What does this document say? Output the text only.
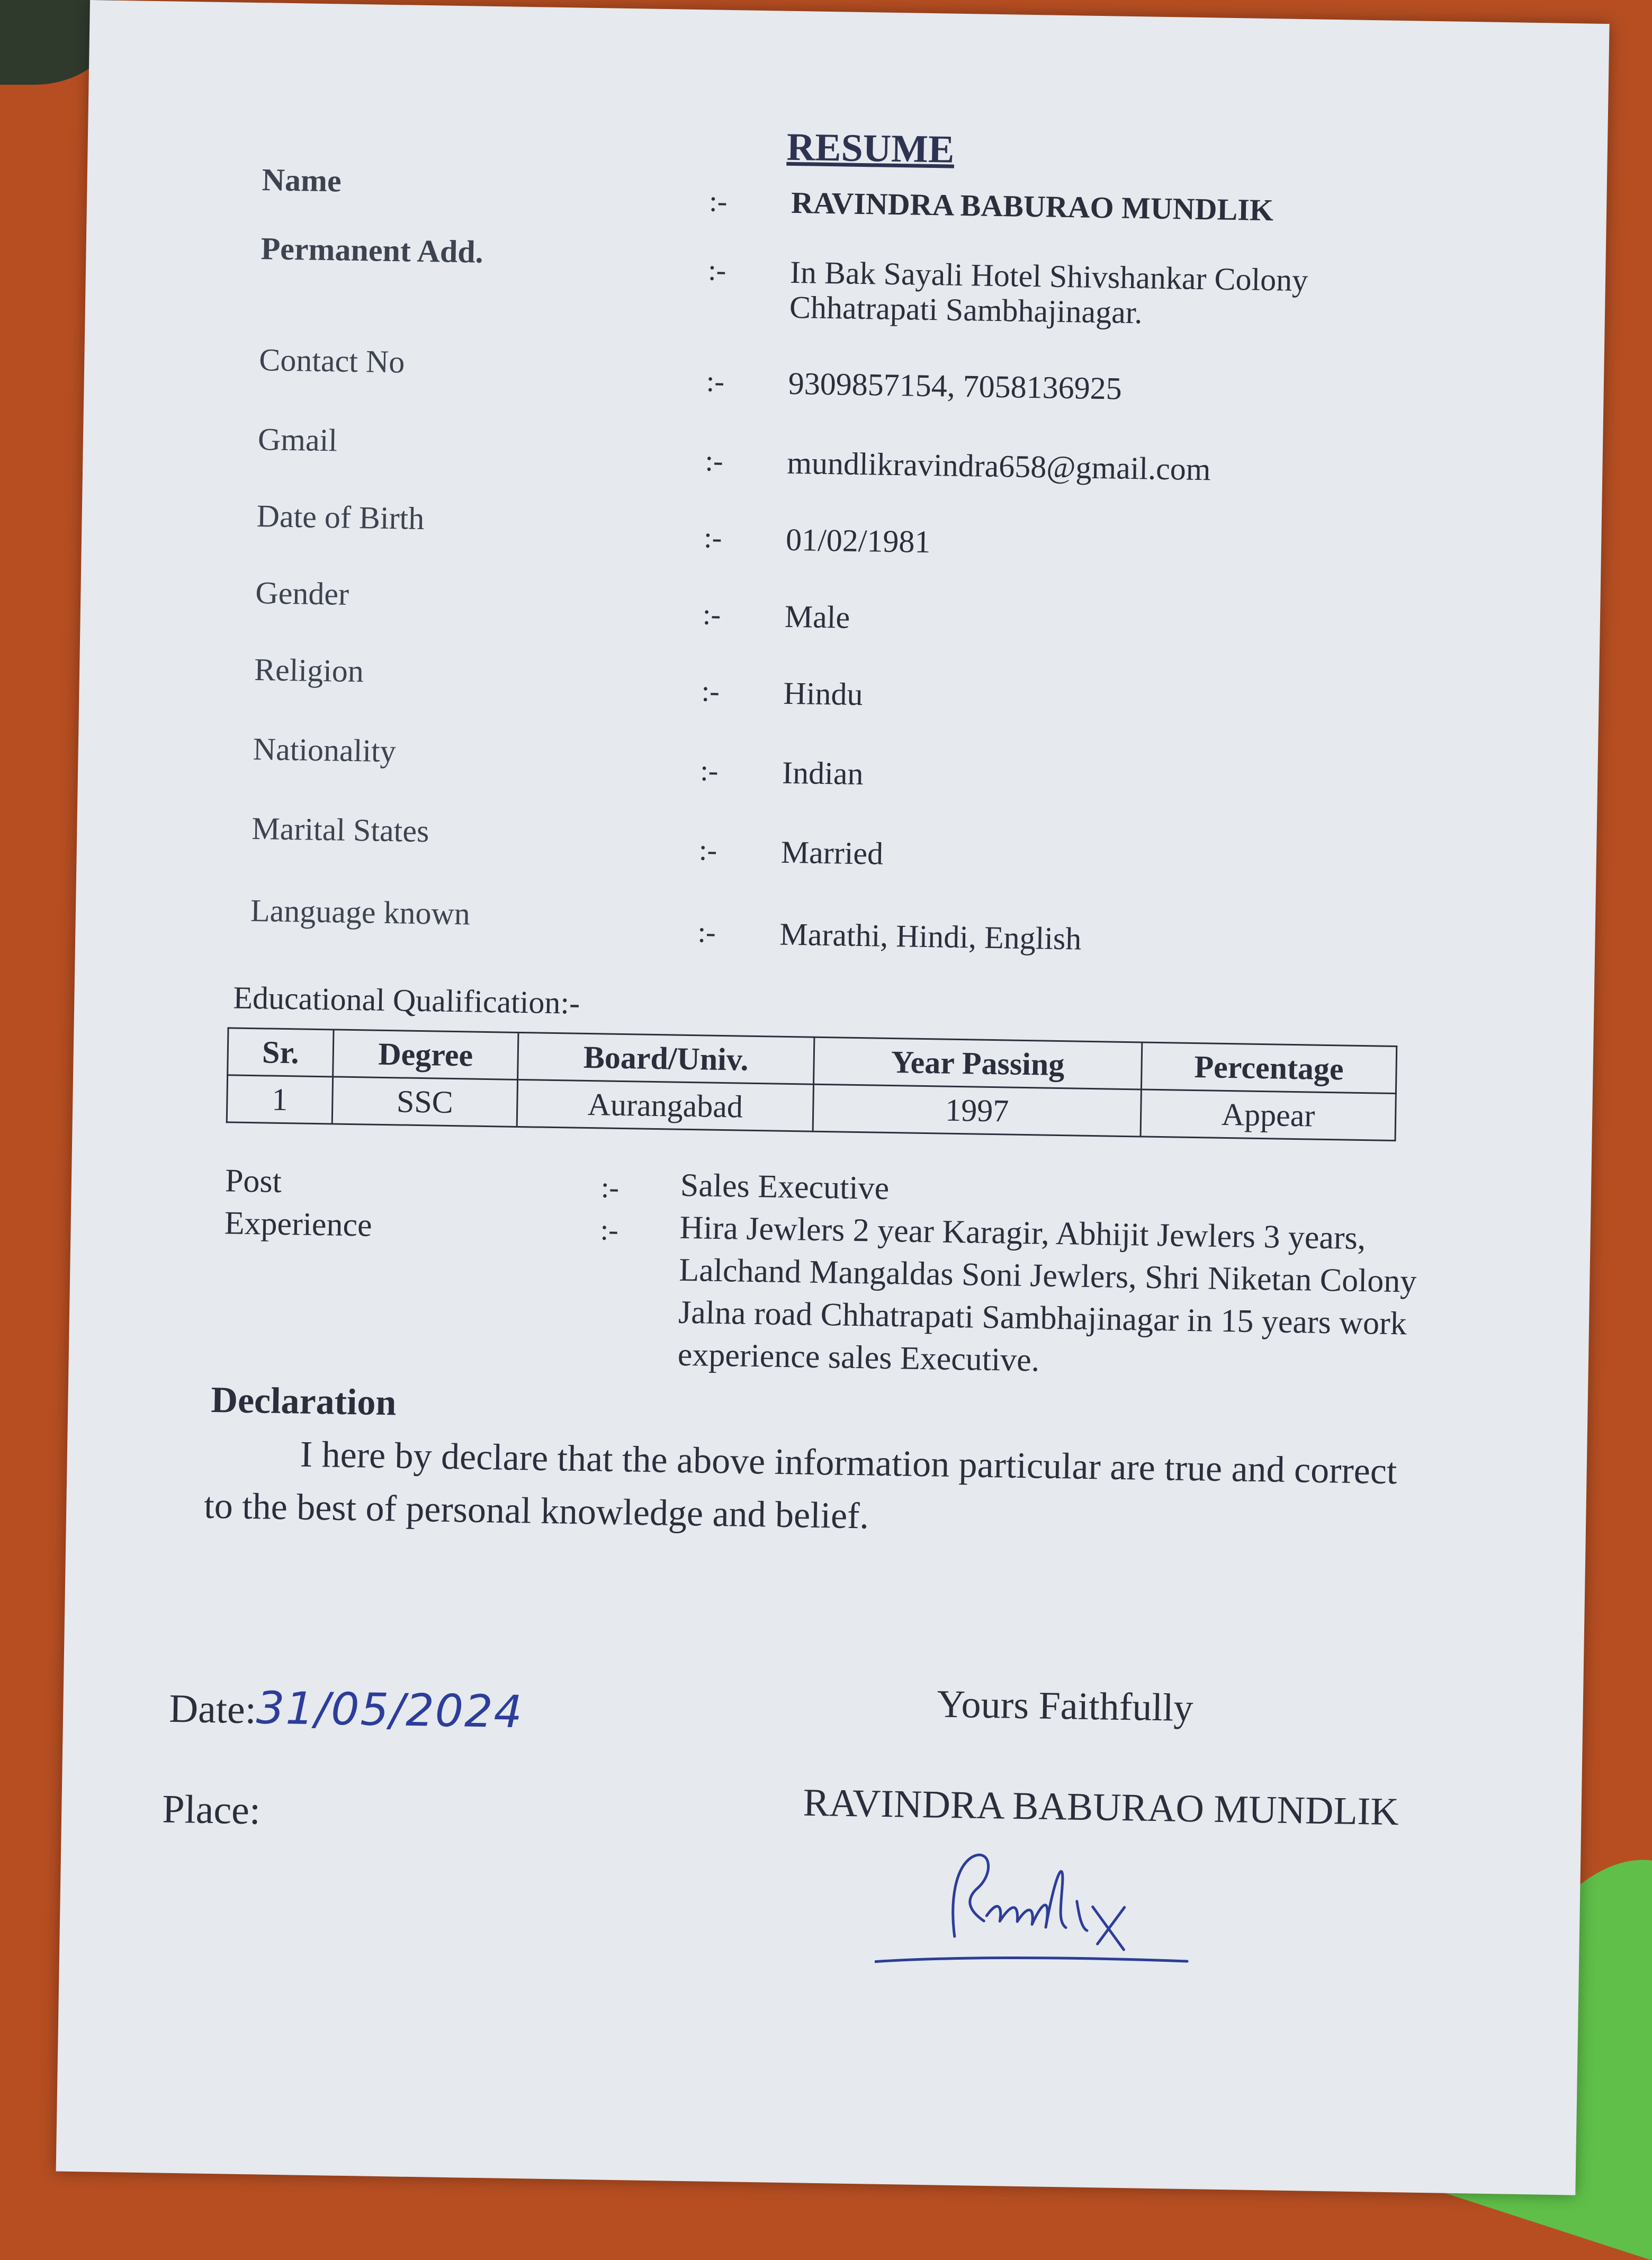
RESUME
Name
:- RAVINDRA BABURAO MUNDLIK
Permanent Add.
:- In Bak Sayali Hotel Shivshankar Colony Chhatrapati Sambhajinagar.
Contact No
:- 9309857154, 7058136925
Gmail
:- mundlikravindra658@gmail.com
Date of Birth
:- 01/02/1981
Gender
:- Male
Religion
:- Hindu
Nationality
:- Indian
Marital States
:- Married
Language known
:- Marathi, Hindi, English
Educational Qualification:-
Sr.	Degree	Board/Univ.	Year Passing	Percentage
1	SSC	Aurangabad	1997	Appear
Post	:- Sales Executive
Experience	:- Hira Jewlers 2 year Karagir, Abhijit Jewlers 3 years, Lalchand Mangaldas Soni Jewlers, Shri Niketan Colony Jalna road Chhatrapati Sambhajinagar in 15 years work experience sales Executive.
Declaration
I here by declare that the above information particular are true and correct to the best of personal knowledge and belief.
Date:31/05/2024
Place:
Yours Faithfully
RAVINDRA BABURAO MUNDLIK
